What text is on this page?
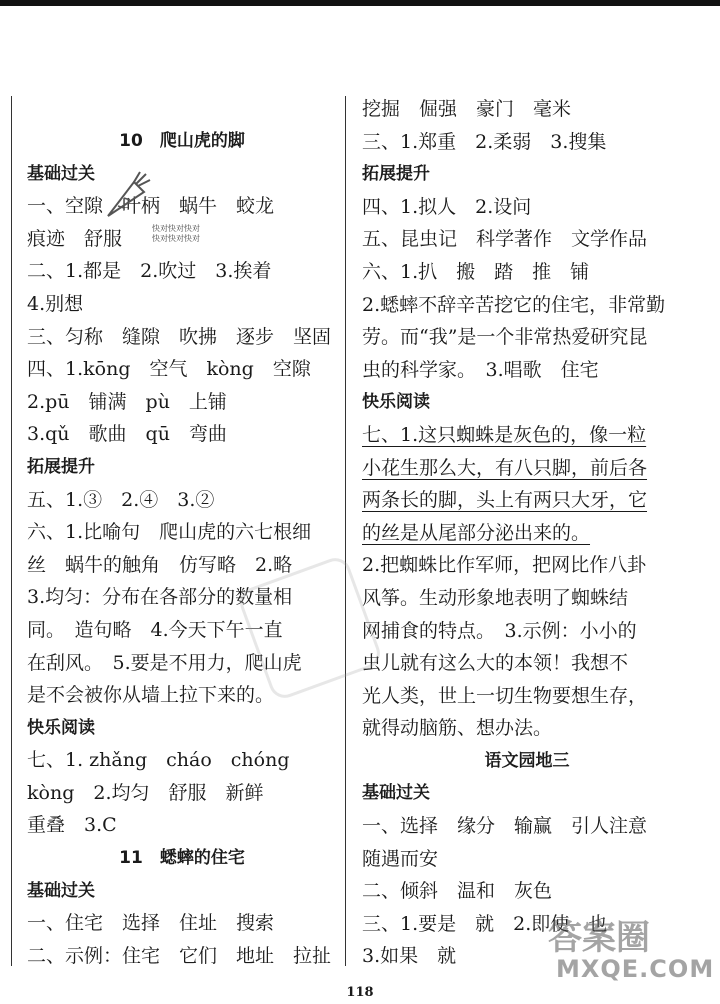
10　爬山虎的脚
基础过关
一、空隙　叶柄　蜗牛　蛟龙
痕迹　舒服
二、1.都是　2.吹过　3.挨着
4.别想
三、匀称　缝隙　吹拂　逐步　坚固
四、1.kōng　空气　kòng　空隙
2.pū　铺满　pù　上铺
3.qǔ　歌曲　qū　弯曲
拓展提升
五、1.③　2.④　3.②
六、1.比喻句　爬山虎的六七根细
丝　蜗牛的触角　仿写略　2.略
3.均匀：分布在各部分的数量相
同。　造句略　4.今天下午一直
在刮风。　5.要是不用力，爬山虎
是不会被你从墙上拉下来的。
快乐阅读
七、1. zhǎng　cháo　chóng
kòng　2.均匀　舒服　新鲜
重叠　3.C
11　蟋蟀的住宅
基础过关
一、住宅　选择　住址　搜索
二、示例：住宅　它们　地址　拉扯
挖掘　倔强　豪门　毫米
三、1.郑重　2.柔弱　3.搜集
拓展提升
四、1.拟人　2.设问
五、昆虫记　科学著作　文学作品
六、1.扒　搬　踏　推　铺
2.蟋蟀不辞辛苦挖它的住宅，非常勤
劳。而“我”是一个非常热爱研究昆
虫的科学家。　3.唱歌　住宅
快乐阅读
七、1.这只蜘蛛是灰色的，像一粒
小花生那么大，有八只脚，前后各
两条长的脚，头上有两只大牙，它
的丝是从尾部分泌出来的。
2.把蜘蛛比作军师，把网比作八卦
风筝。生动形象地表明了蜘蛛结
网捕食的特点。　3.示例：小小的
虫儿就有这么大的本领！我想不
光人类，世上一切生物要想生存，
就得动脑筋、想办法。
语文园地三
基础过关
一、选择　缘分　输赢　引人注意
随遇而安
二、倾斜　温和　灰色
三、1.要是　就　2.即使　也
3.如果　就
快对快对快对
快对快对快对
答案圈
MXQE.COM
118
